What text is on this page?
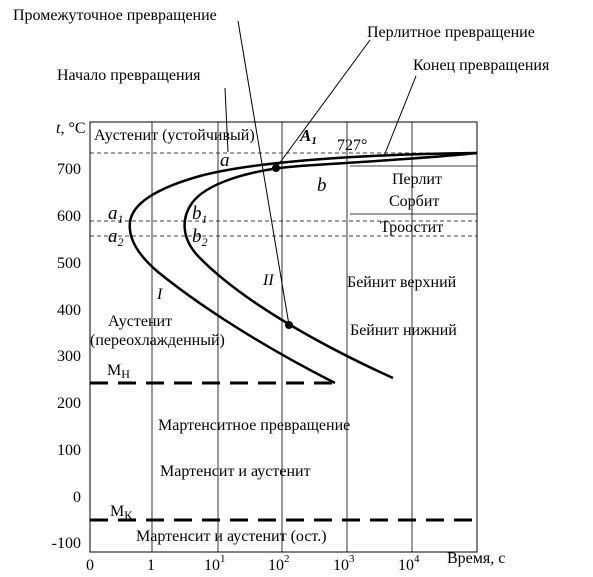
Промежуточное превращение
Перлитное превращение
Начало превращения
Конец превращения
t, °C
700
600
500
400
300
200
100
0
-100
0	1	$10^1$	$10^2$	$10^3$	$10^4$ Время, с
Аустенит (устойчивый)	A1 727°
Перлит
Сорбит
Троостит
Бейнит верхний
Бейнит нижний
Аустенит
(переохлажденный)
МН
Мартенситное превращение
Мартенсит и аустенит
МК
Мартенсит и аустенит (ост.)
a
b
$a_1$
$a_2$
$b_1$
$b_2$
I
II
